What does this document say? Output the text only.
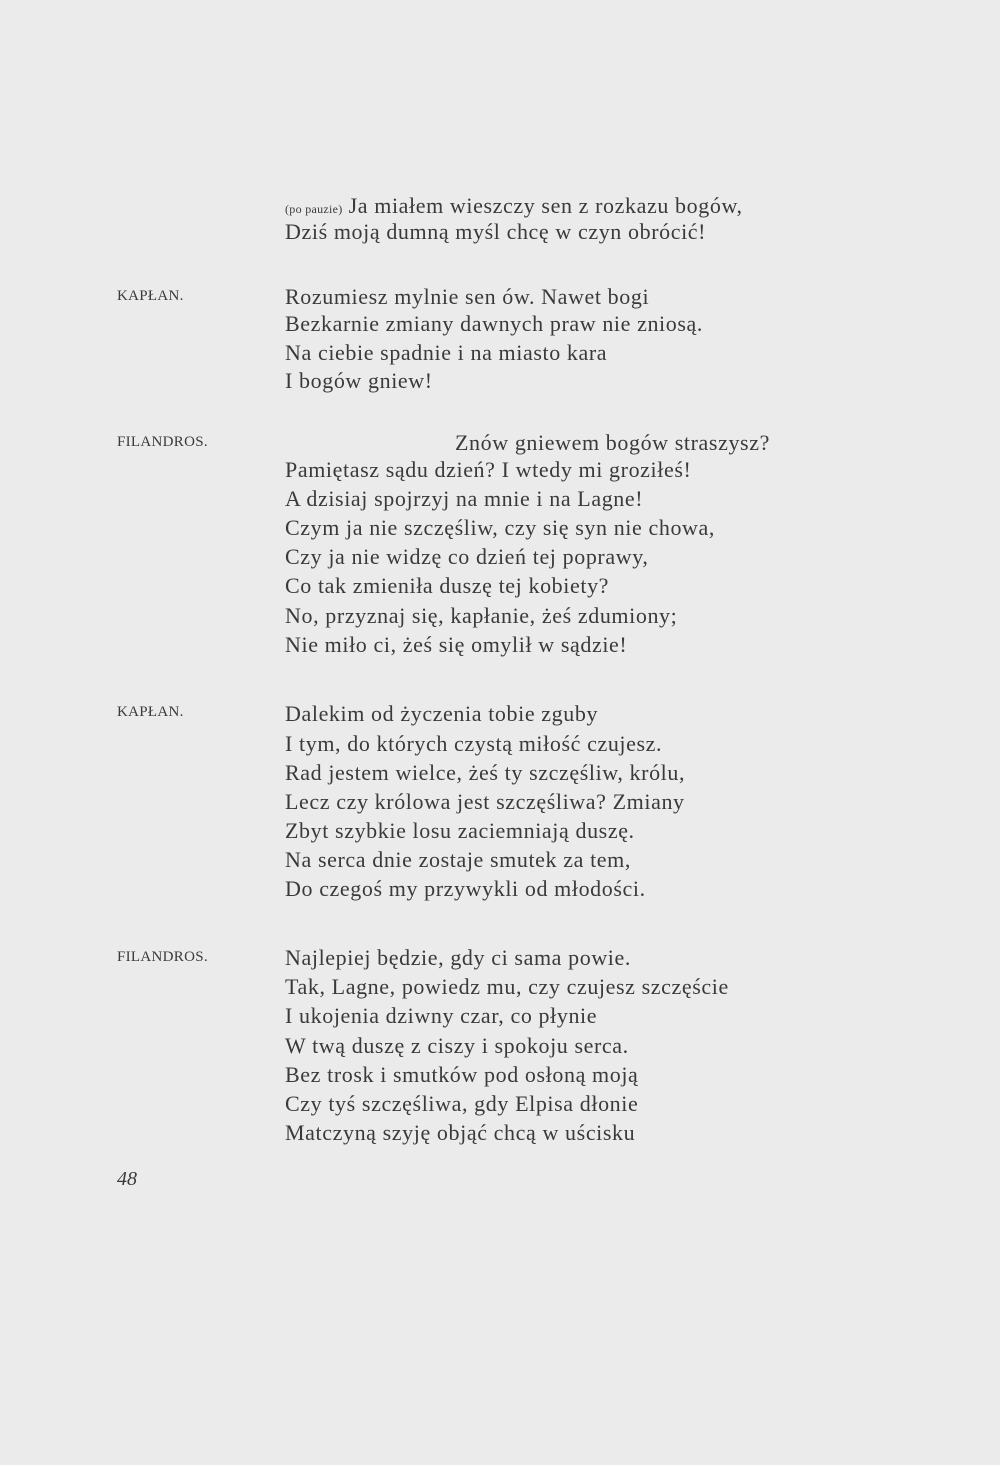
(po pauzie) Ja miałem wieszczy sen z rozkazu bogów,
Dziś moją dumną myśl chcę w czyn obrócić!
KAPŁAN.	Rozumiesz mylnie sen ów. Nawet bogi
Bezkarnie zmiany dawnych praw nie zniosą.
Na ciebie spadnie i na miasto kara
I bogów gniew!
FILANDROS.	Znów gniewem bogów straszysz?
Pamiętasz sądu dzień? I wtedy mi groziłeś!
A dzisiaj spojrzyj na mnie i na Lagne!
Czym ja nie szczęśliw, czy się syn nie chowa,
Czy ja nie widzę co dzień tej poprawy,
Co tak zmieniła duszę tej kobiety?
No, przyznaj się, kapłanie, żeś zdumiony;
Nie miło ci, żeś się omylił w sądzie!
KAPŁAN.	Dalekim od życzenia tobie zguby
I tym, do których czystą miłość czujesz.
Rad jestem wielce, żeś ty szczęśliw, królu,
Lecz czy królowa jest szczęśliwa? Zmiany
Zbyt szybkie losu zaciemniają duszę.
Na serca dnie zostaje smutek za tem,
Do czegoś my przywykli od młodości.
FILANDROS.	Najlepiej będzie, gdy ci sama powie.
Tak, Lagne, powiedz mu, czy czujesz szczęście
I ukojenia dziwny czar, co płynie
W twą duszę z ciszy i spokoju serca.
Bez trosk i smutków pod osłoną moją
Czy tyś szczęśliwa, gdy Elpisa dłonie
Matczyną szyję objąć chcą w uścisku
48
